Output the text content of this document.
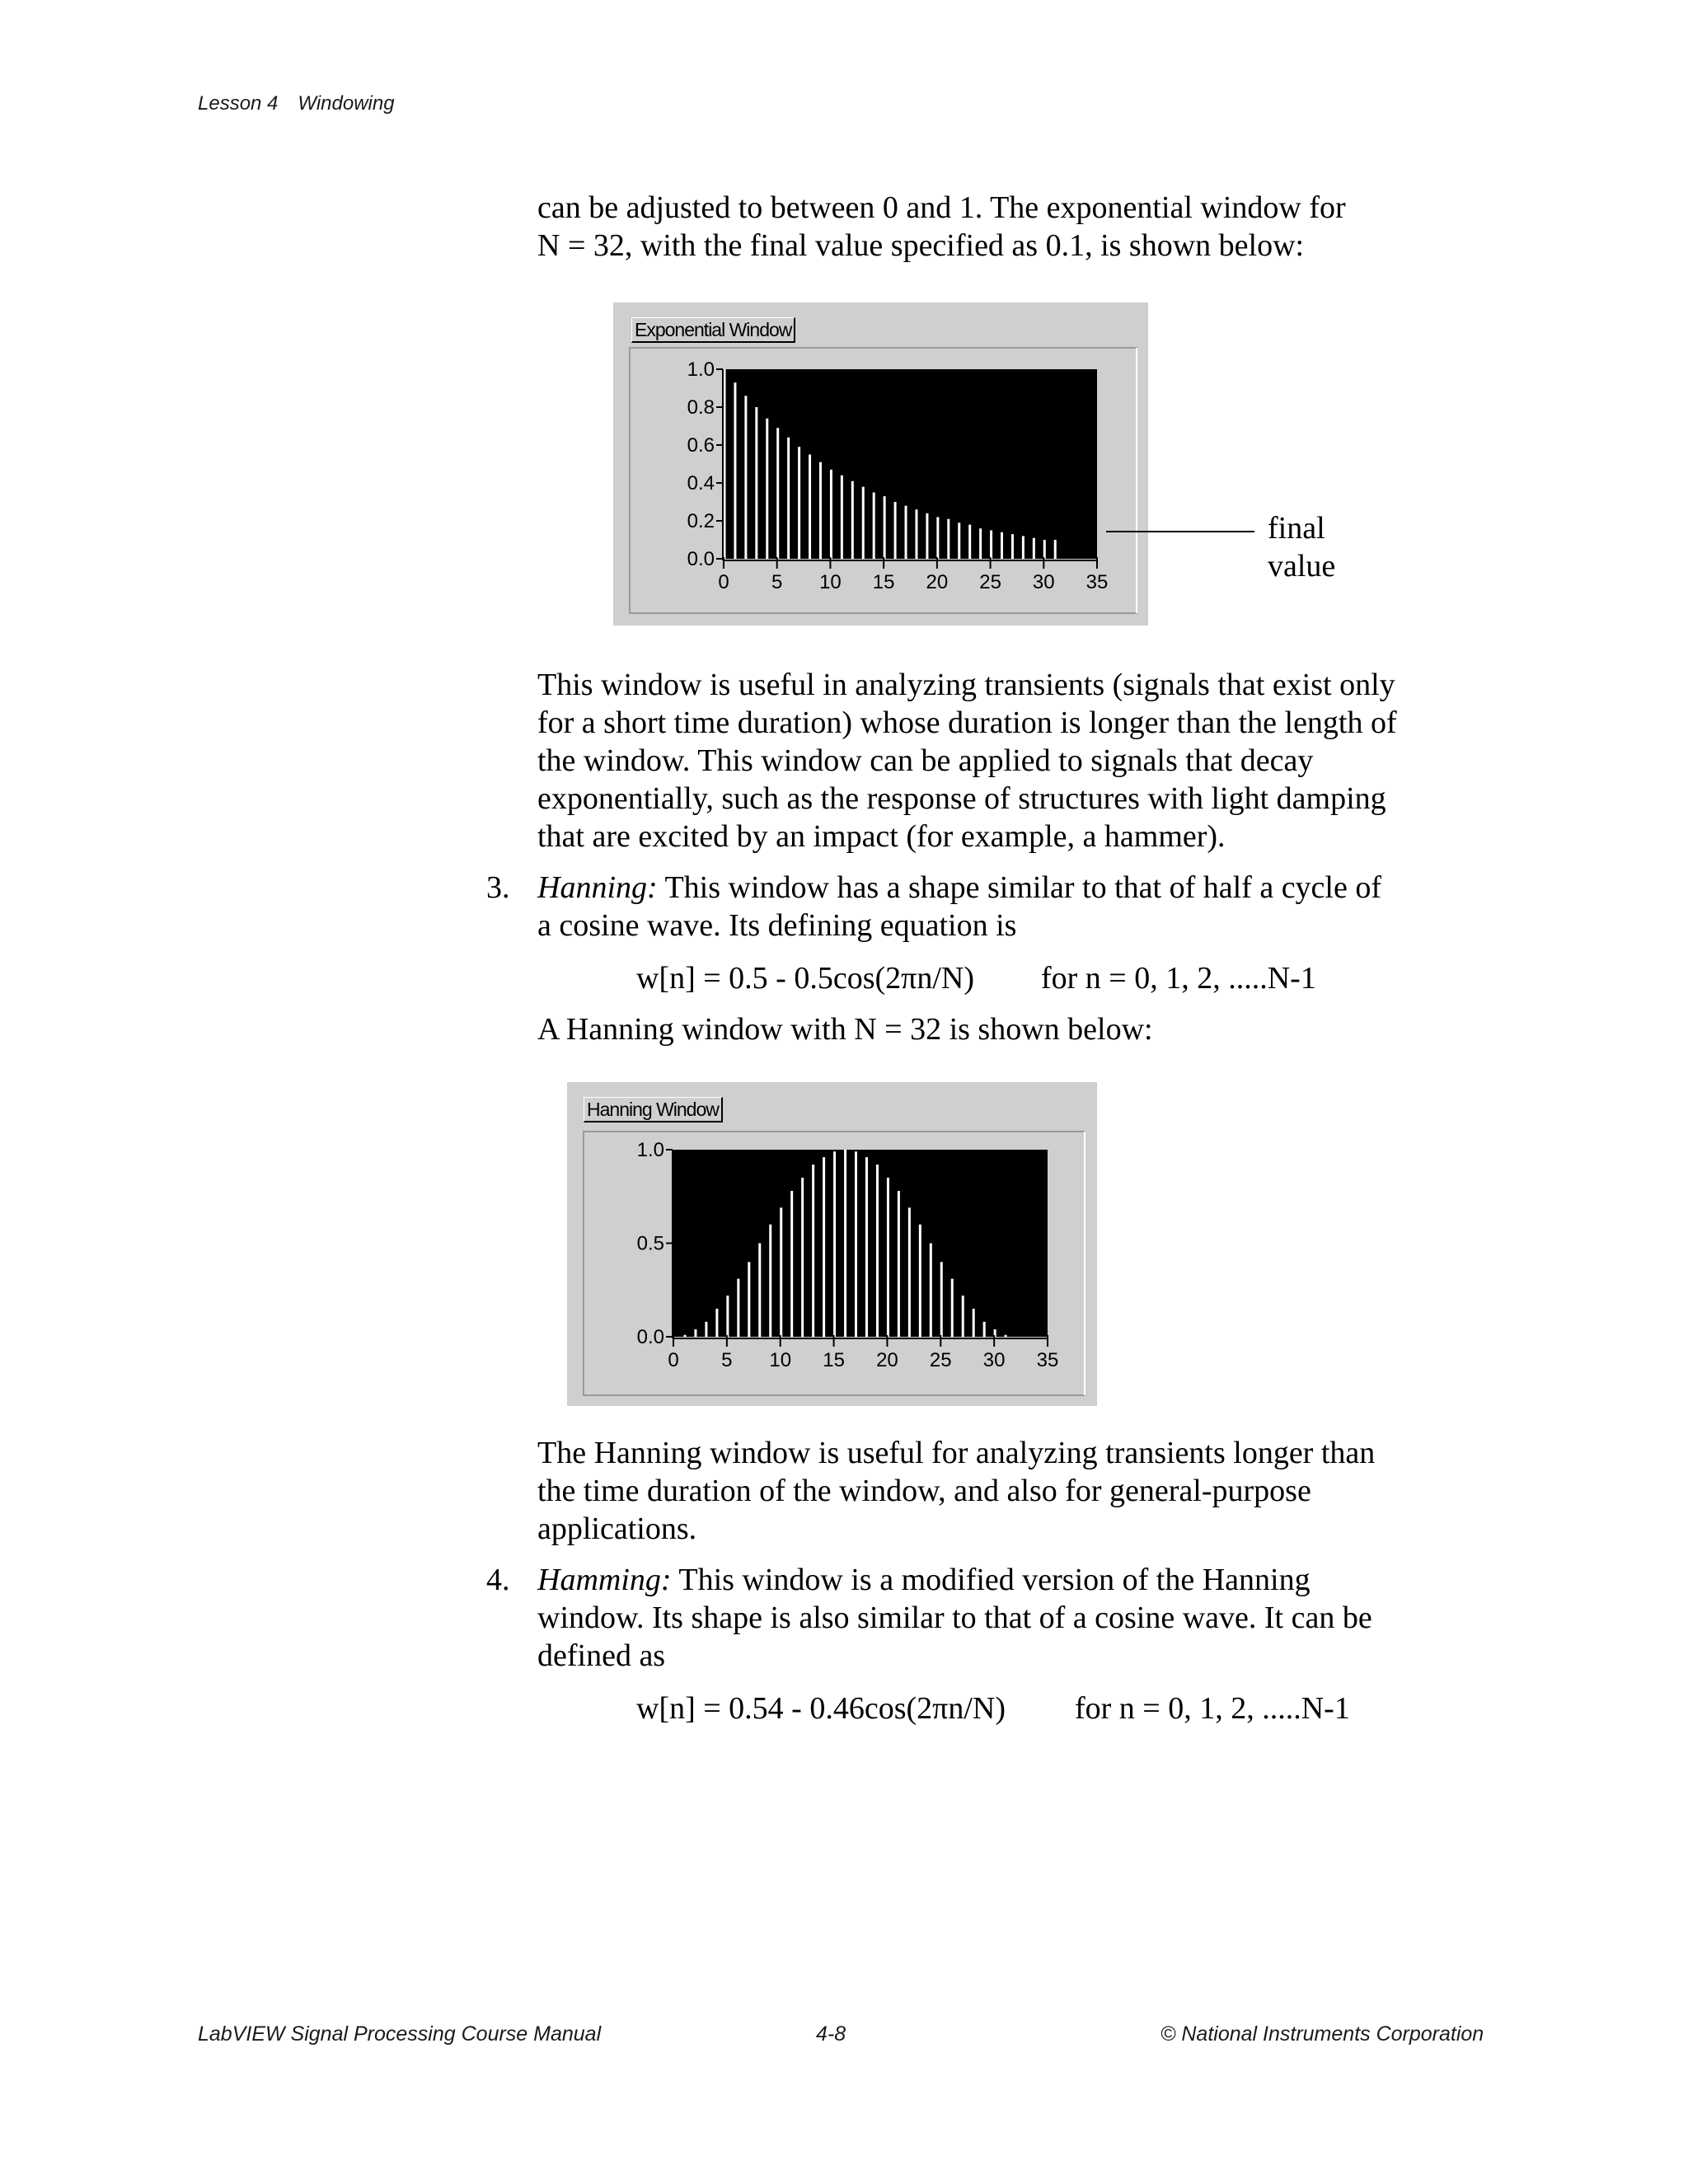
Lesson 4 Windowing
can be adjusted to between 0 and 1. The exponential window for
N = 32, with the final value specified as 0.1, is shown below:
0.0
0.2
0.4
0.6
0.8
1.0
0 5 10 15 20 25 30 35
Exponential Window
final
value
This window is useful in analyzing transients (signals that exist only
for a short time duration) whose duration is longer than the length of
the window. This window can be applied to signals that decay
exponentially, such as the response of structures with light damping
that are excited by an impact (for example, a hammer).
3. Hanning: This window has a shape similar to that of half a cycle of
a cosine wave. Its defining equation is
w[n] = 0.5 - 0.5cos(2πn/N) for n = 0, 1, 2, .....N-1
A Hanning window with N = 32 is shown below:
0.0
0.5
1.0
0 5 10 15 20 25 30 35
Hanning Window
The Hanning window is useful for analyzing transients longer than
the time duration of the window, and also for general-purpose
applications.
4. Hamming: This window is a modified version of the Hanning
window. Its shape is also similar to that of a cosine wave. It can be
defined as
w[n] = 0.54 - 0.46cos(2πn/N) for n = 0, 1, 2, .....N-1
LabVIEW Signal Processing Course Manual	4-8	© National Instruments Corporation
